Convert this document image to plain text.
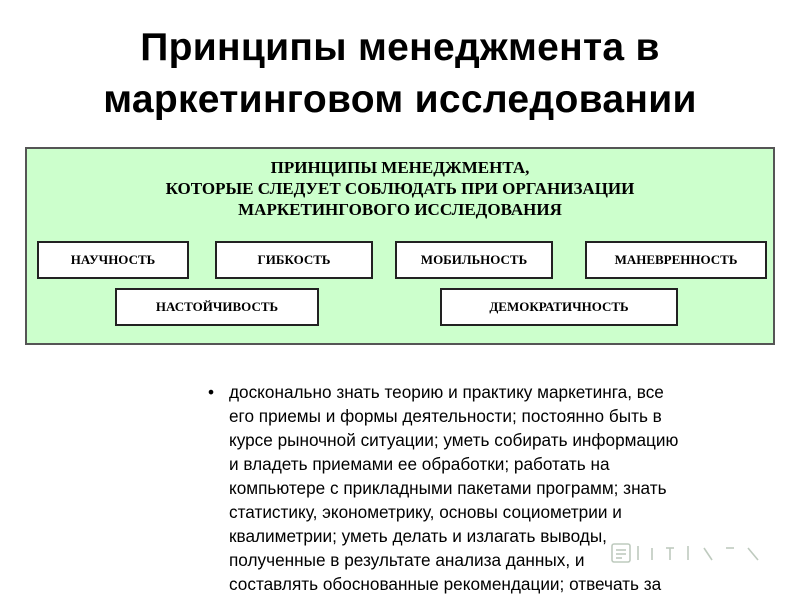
Принципы менеджмента в
маркетинговом исследовании
ПРИНЦИПЫ МЕНЕДЖМЕНТА,
КОТОРЫЕ СЛЕДУЕТ СОБЛЮДАТЬ ПРИ ОРГАНИЗАЦИИ
МАРКЕТИНГОВОГО ИССЛЕДОВАНИЯ
НАУЧНОСТЬ	ГИБКОСТЬ	МОБИЛЬНОСТЬ	МАНЕВРЕННОСТЬ
НАСТОЙЧИВОСТЬ	ДЕМОКРАТИЧНОСТЬ
• досконально знать теорию и практику маркетинга, все
его приемы и формы деятельности; постоянно быть в
курсе рыночной ситуации; уметь собирать информацию
и владеть приемами ее обработки; работать на
компьютере с прикладными пакетами программ; знать
статистику, эконометрику, основы социометрии и
квалиметрии; уметь делать и излагать выводы,
полученные в результате анализа данных, и
составлять обоснованные рекомендации; отвечать за
